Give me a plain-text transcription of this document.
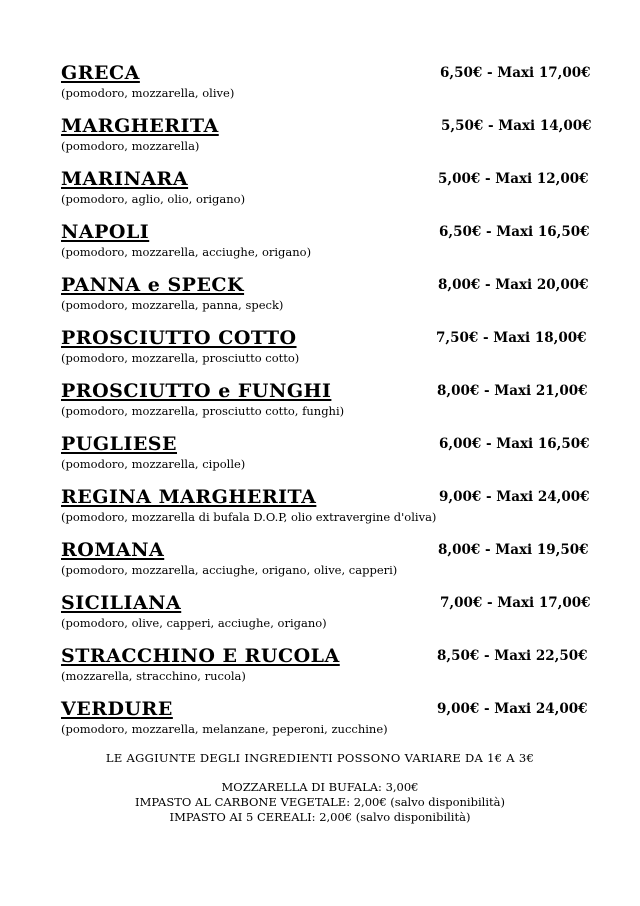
GRECA
(pomodoro, mozzarella, olive)
6,50€ - Maxi 17,00€
MARGHERITA
(pomodoro, mozzarella)
5,50€ - Maxi 14,00€
MARINARA
(pomodoro, aglio, olio, origano)
5,00€ - Maxi 12,00€
NAPOLI
(pomodoro, mozzarella, acciughe, origano)
6,50€ - Maxi 16,50€
PANNA e SPECK
(pomodoro, mozzarella, panna, speck)
8,00€ - Maxi 20,00€
PROSCIUTTO COTTO
(pomodoro, mozzarella, prosciutto cotto)
7,50€ - Maxi 18,00€
PROSCIUTTO e FUNGHI
(pomodoro, mozzarella, prosciutto cotto, funghi)
8,00€ - Maxi 21,00€
PUGLIESE
(pomodoro, mozzarella, cipolle)
6,00€ - Maxi 16,50€
REGINA MARGHERITA
(pomodoro, mozzarella di bufala D.O.P, olio extravergine d'oliva)
9,00€ - Maxi 24,00€
ROMANA
(pomodoro, mozzarella, acciughe, origano, olive, capperi)
8,00€ - Maxi 19,50€
SICILIANA
(pomodoro, olive, capperi, acciughe, origano)
7,00€ - Maxi 17,00€
STRACCHINO E RUCOLA
(mozzarella, stracchino, rucola)
8,50€ - Maxi 22,50€
VERDURE
(pomodoro, mozzarella, melanzane, peperoni, zucchine)
9,00€ - Maxi 24,00€
LE AGGIUNTE DEGLI INGREDIENTI POSSONO VARIARE DA 1€ A 3€
MOZZARELLA DI BUFALA: 3,00€
IMPASTO AL CARBONE VEGETALE: 2,00€ (salvo disponibilità)
IMPASTO AI 5 CEREALI: 2,00€ (salvo disponibilità)
